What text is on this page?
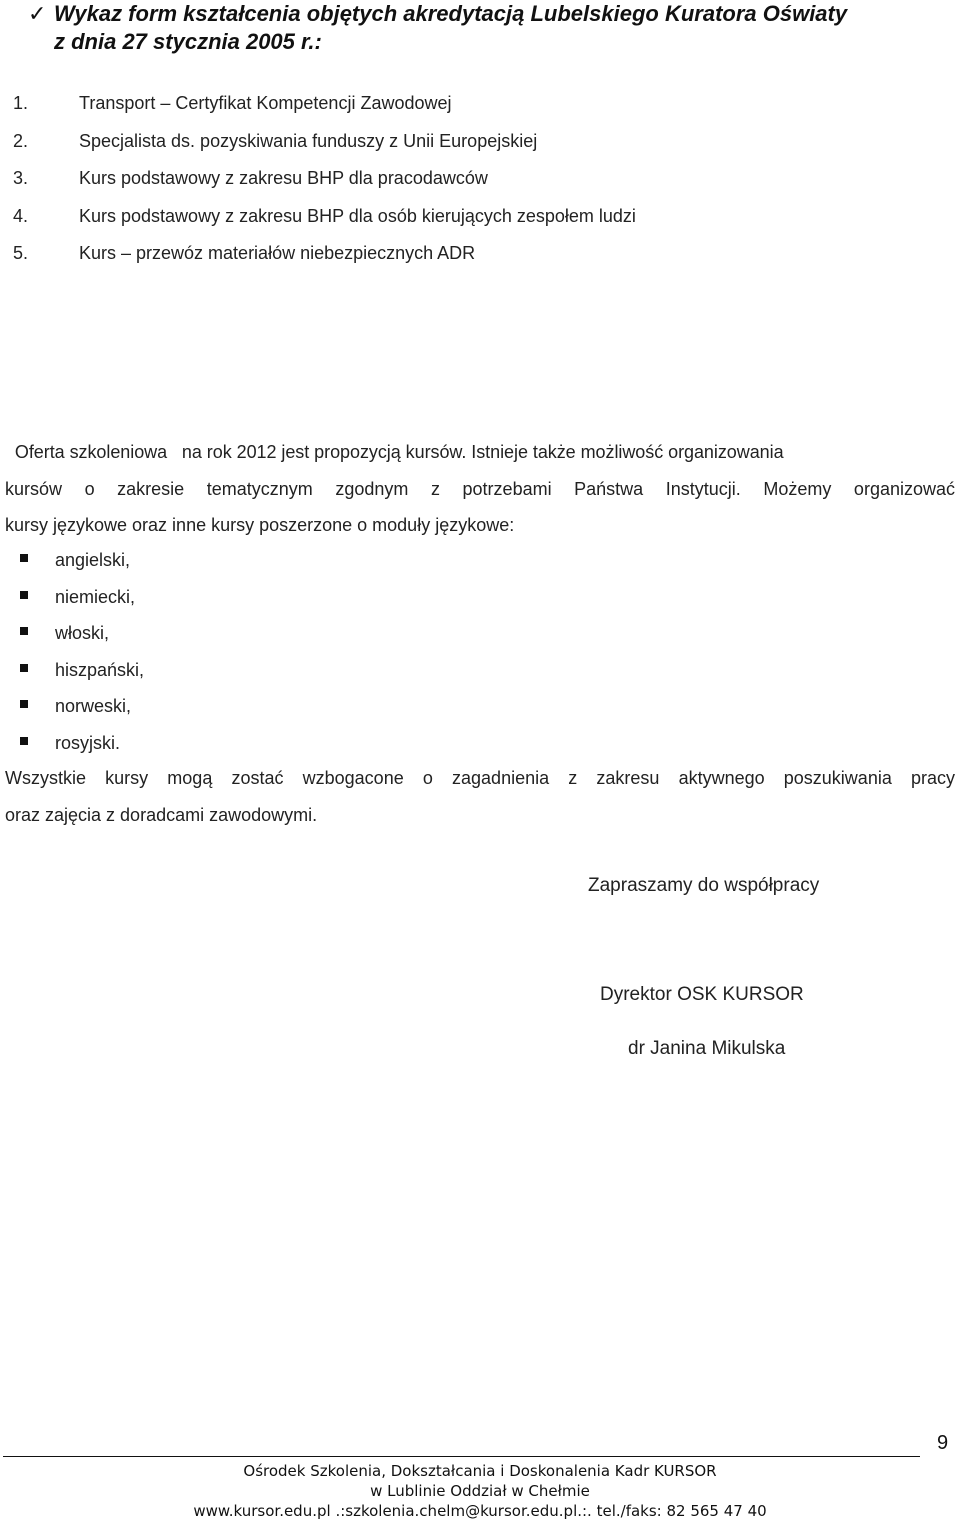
✓ Wykaz form kształcenia objętych akredytacją Lubelskiego Kuratora Oświaty
z dnia 27 stycznia 2005 r.:
1.	Transport – Certyfikat Kompetencji Zawodowej
2.	Specjalista ds. pozyskiwania funduszy z Unii Europejskiej
3.	Kurs podstawowy z zakresu BHP dla pracodawców
4.	Kurs podstawowy z zakresu BHP dla osób kierujących zespołem ludzi
5.	Kurs – przewóz materiałów niebezpiecznych ADR
Oferta szkoleniowa   na rok 2012 jest propozycją kursów. Istnieje także możliwość organizowania
kursów o zakresie tematycznym zgodnym z potrzebami Państwa Instytucji. Możemy organizować
kursy językowe oraz inne kursy poszerzone o moduły językowe:
angielski,
niemiecki,
włoski,
hiszpański,
norweski,
rosyjski.
Wszystkie kursy mogą zostać wzbogacone o zagadnienia z zakresu aktywnego poszukiwania pracy
oraz zajęcia z doradcami zawodowymi.
Zapraszamy do współpracy
Dyrektor OSK KURSOR
dr Janina Mikulska
9
Ośrodek Szkolenia, Dokształcania i Doskonalenia Kadr KURSOR
w Lublinie Oddział w Chełmie
www.kursor.edu.pl .:szkolenia.chelm@kursor.edu.pl.:. tel./faks: 82 565 47 40
